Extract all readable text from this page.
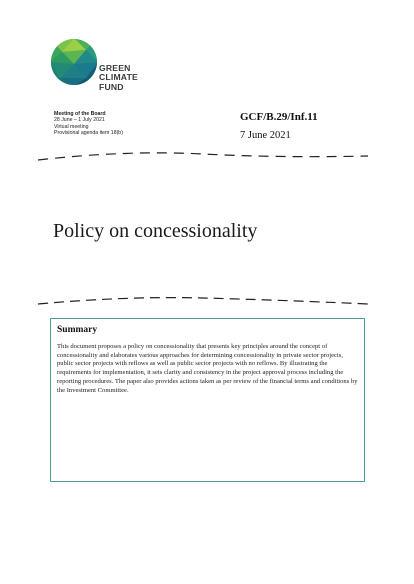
GREEN
CLIMATE
FUND
Meeting of the Board
28 June – 1 July 2021
Virtual meeting
Provisional agenda item 18(b)
GCF/B.29/Inf.11
7 June 2021
Policy on concessionality
Summary
This document proposes a policy on concessionality that presents key principles around the concept of concessionality and elaborates various approaches for determining concessionality in private sector projects, public sector projects with reflows as well as public sector projects with no reflows. By illustrating the requirements for implementation, it sets clarity and consistency in the project approval process including the reporting procedures. The paper also provides actions taken as per review of the financial terms and conditions by the Investment Committee.
